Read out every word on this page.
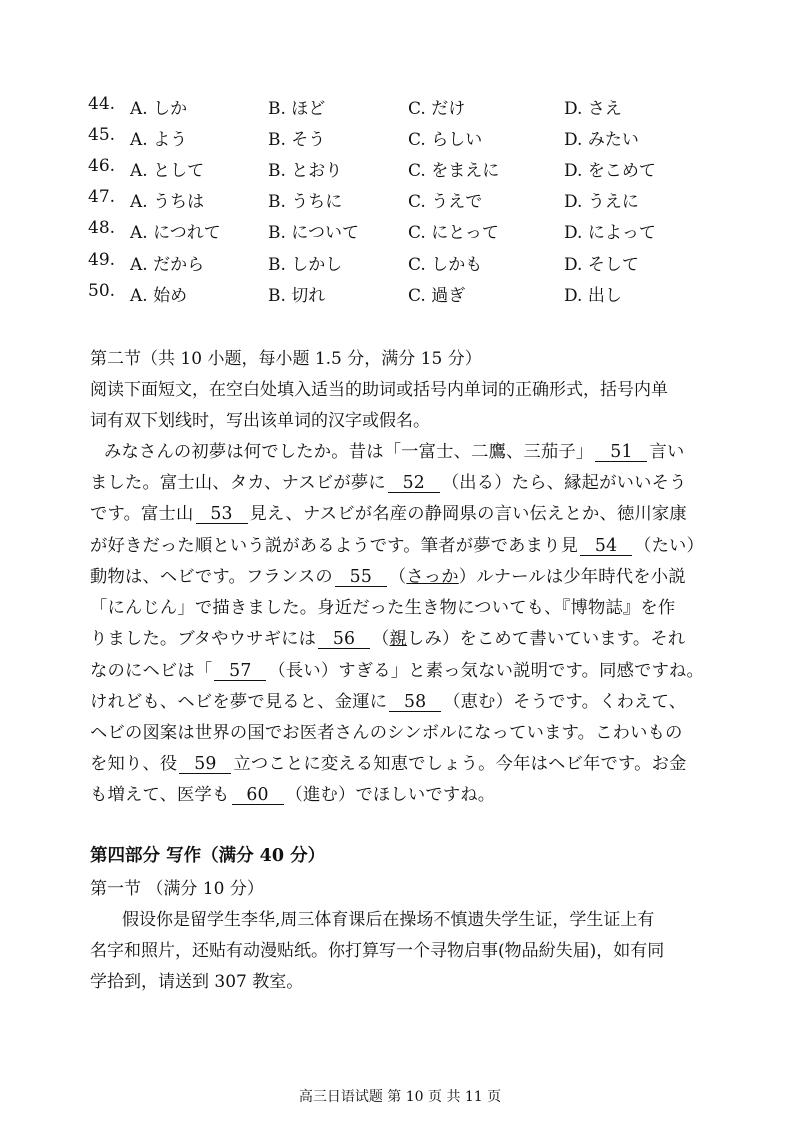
44. A. しか	B. ほど	C. だけ	D. さえ
45. A. よう	B. そう	C. らしい	D. みたい
46. A. として	B. とおり	C. をまえに	D. をこめて
47. A. うちは	B. うちに	C. うえで	D. うえに
48. A. につれて	B. について	C. にとって	D. によって
49. A. だから	B. しかし	C. しかも	D. そして
50. A. 始め	B. 切れ	C. 過ぎ	D. 出し
第二节（共 10 小题，每小题 1.5 分，满分 15 分）
阅读下面短文，在空白处填入适当的助词或括号内单词的正确形式，括号内单
词有双下划线时，写出该单词的汉字或假名。
みなさんの初夢は何でしたか。昔は「一富士、二鷹、三茄子」 51 言い
ました。富士山、タカ、ナスビが夢に 52 （出る）たら、縁起がいいそう
です。富士山 53 見え、ナスビが名産の静岡県の言い伝えとか、徳川家康
が好きだった順という説があるようです。筆者が夢であまり見 54 （たい）
動物は、ヘビです。フランスの 55 （さっか）ルナールは少年時代を小説
「にんじん」で描きました。身近だった生き物についても、『博物誌』を作
りました。ブタやウサギには 56 （親しみ）をこめて書いています。それ
なのにヘビは「 57 （長い）すぎる」と素っ気ない説明です。同感ですね。
けれども、ヘビを夢で見ると、金運に 58 （恵む）そうです。くわえて、
ヘビの図案は世界の国でお医者さんのシンボルになっています。こわいもの
を知り、役 59 立つことに変える知恵でしょう。今年はヘビ年です。お金
も増えて、医学も 60 （進む）でほしいですね。
第四部分 写作（满分 40 分）
第一节 （满分 10 分）
假设你是留学生李华,周三体育课后在操场不慎遗失学生证，学生证上有
名字和照片，还贴有动漫贴纸。你打算写一个寻物启事(物品紛失届)，如有同
学拾到，请送到 307 教室。
高三日语试题 第 10 页 共 11 页
